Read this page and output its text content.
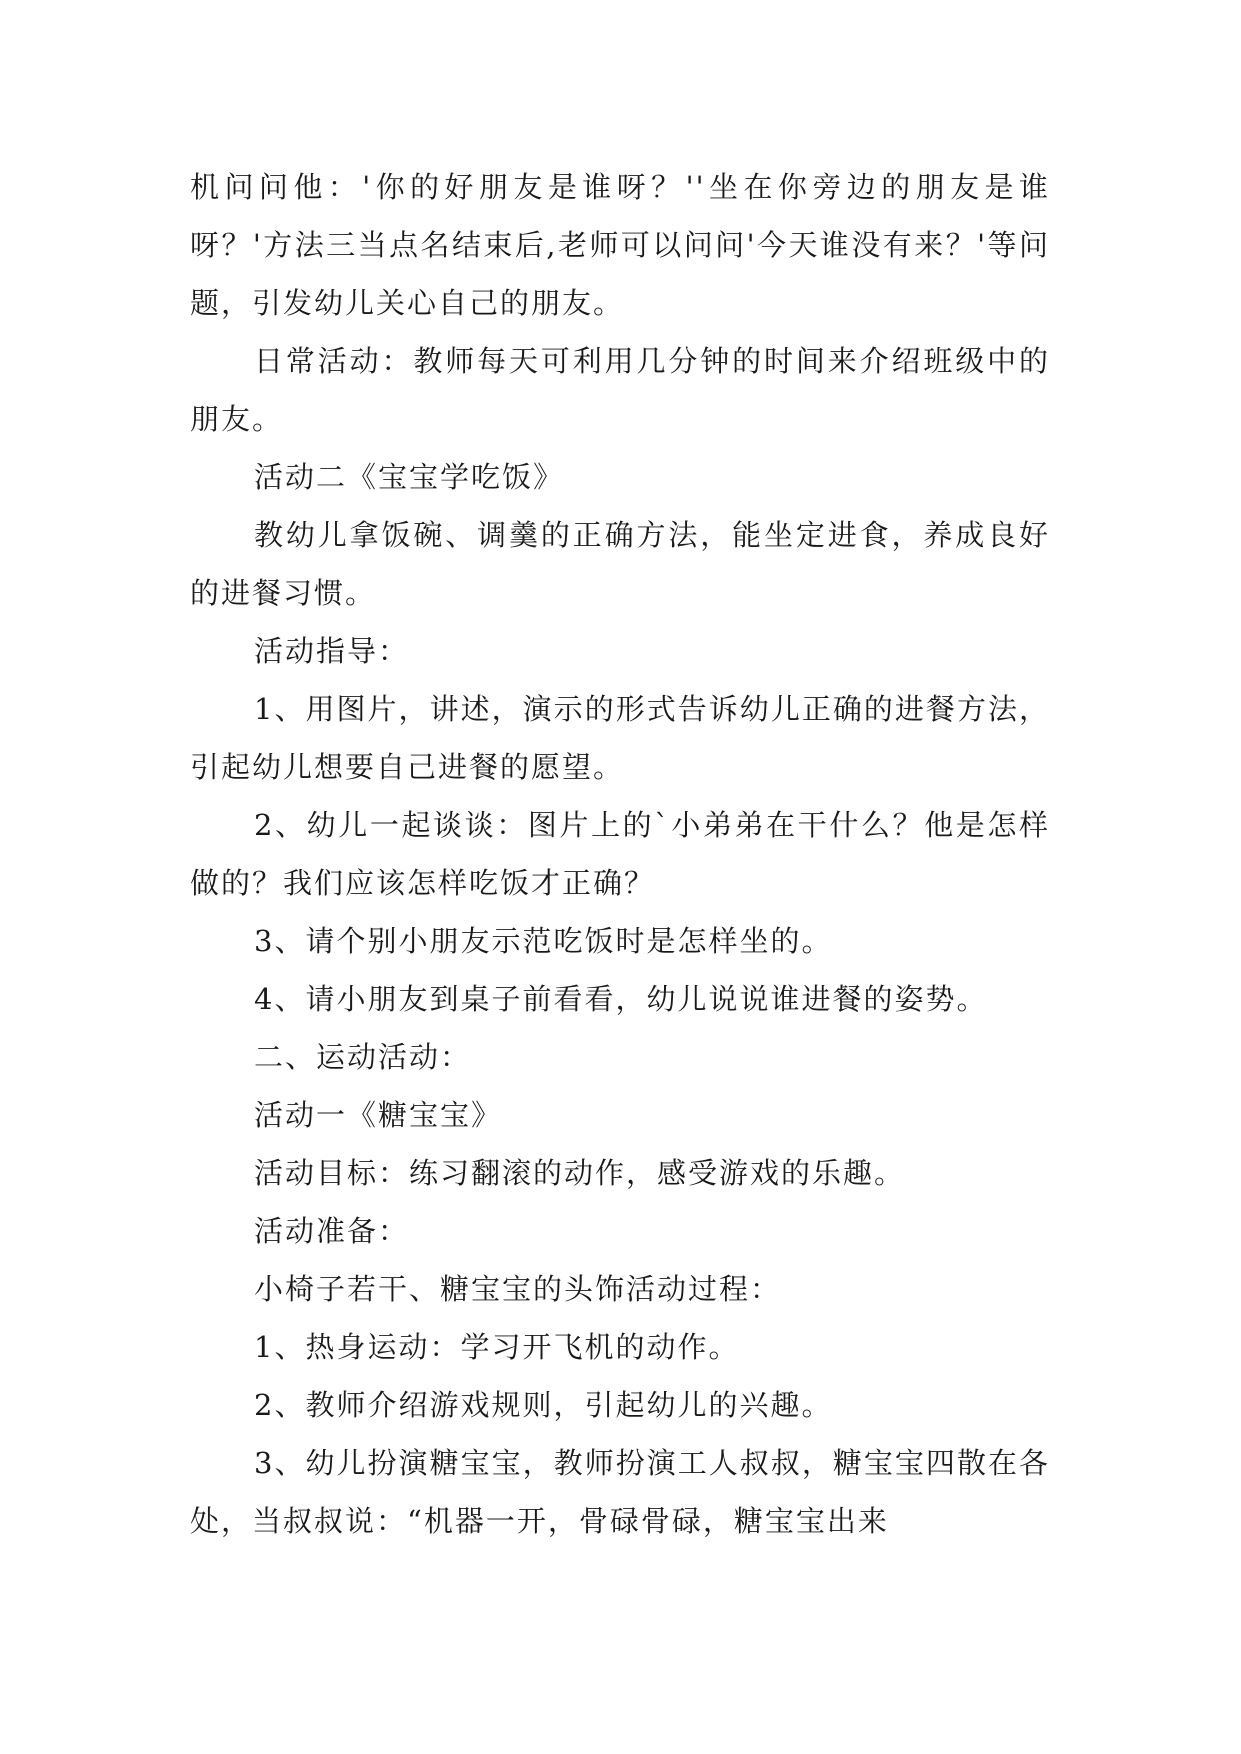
机问问他：'你的好朋友是谁呀？''坐在你旁边的朋友是谁呀？'方法三当点名结束后,老师可以问问'今天谁没有来？'等问题，引发幼儿关心自己的朋友。

日常活动：教师每天可利用几分钟的时间来介绍班级中的朋友。

活动二《宝宝学吃饭》

教幼儿拿饭碗、调羹的正确方法，能坐定进食，养成良好的进餐习惯。

活动指导：

1、用图片，讲述，演示的形式告诉幼儿正确的进餐方法，引起幼儿想要自己进餐的愿望。

2、幼儿一起谈谈：图片上的`小弟弟在干什么？他是怎样做的？我们应该怎样吃饭才正确？

3、请个别小朋友示范吃饭时是怎样坐的。

4、请小朋友到桌子前看看，幼儿说说谁进餐的姿势。

二、运动活动：

活动一《糖宝宝》

活动目标：练习翻滚的动作，感受游戏的乐趣。

活动准备：

小椅子若干、糖宝宝的头饰活动过程：

1、热身运动：学习开飞机的动作。

2、教师介绍游戏规则，引起幼儿的兴趣。

3、幼儿扮演糖宝宝，教师扮演工人叔叔，糖宝宝四散在各处，当叔叔说：“机器一开，骨碌骨碌，糖宝宝出来
